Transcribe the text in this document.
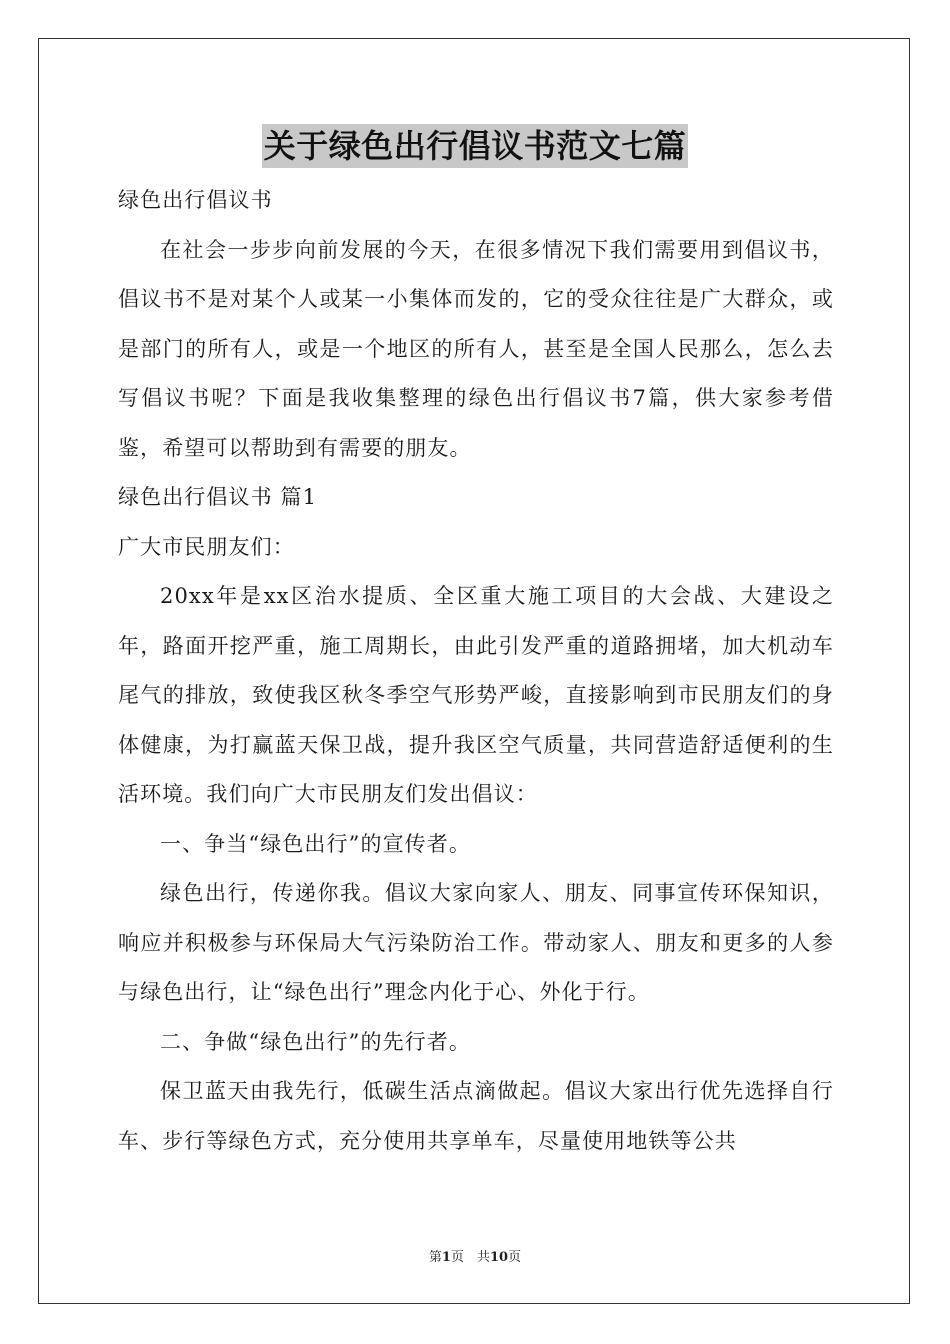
关于绿色出行倡议书范文七篇

绿色出行倡议书

在社会一步步向前发展的今天，在很多情况下我们需要用到倡议书，倡议书不是对某个人或某一小集体而发的，它的受众往往是广大群众，或是部门的所有人，或是一个地区的所有人，甚至是全国人民那么，怎么去写倡议书呢？下面是我收集整理的绿色出行倡议书7篇，供大家参考借鉴，希望可以帮助到有需要的朋友。

绿色出行倡议书 篇1

广大市民朋友们：

20xx年是xx区治水提质、全区重大施工项目的大会战、大建设之年，路面开挖严重，施工周期长，由此引发严重的道路拥堵，加大机动车尾气的排放，致使我区秋冬季空气形势严峻，直接影响到市民朋友们的身体健康，为打赢蓝天保卫战，提升我区空气质量，共同营造舒适便利的生活环境。我们向广大市民朋友们发出倡议：

一、争当“绿色出行”的宣传者。

绿色出行，传递你我。倡议大家向家人、朋友、同事宣传环保知识，响应并积极参与环保局大气污染防治工作。带动家人、朋友和更多的人参与绿色出行，让“绿色出行”理念内化于心、外化于行。

二、争做“绿色出行”的先行者。

保卫蓝天由我先行，低碳生活点滴做起。倡议大家出行优先选择自行车、步行等绿色方式，充分使用共享单车，尽量使用地铁等公共

第1页　共10页
